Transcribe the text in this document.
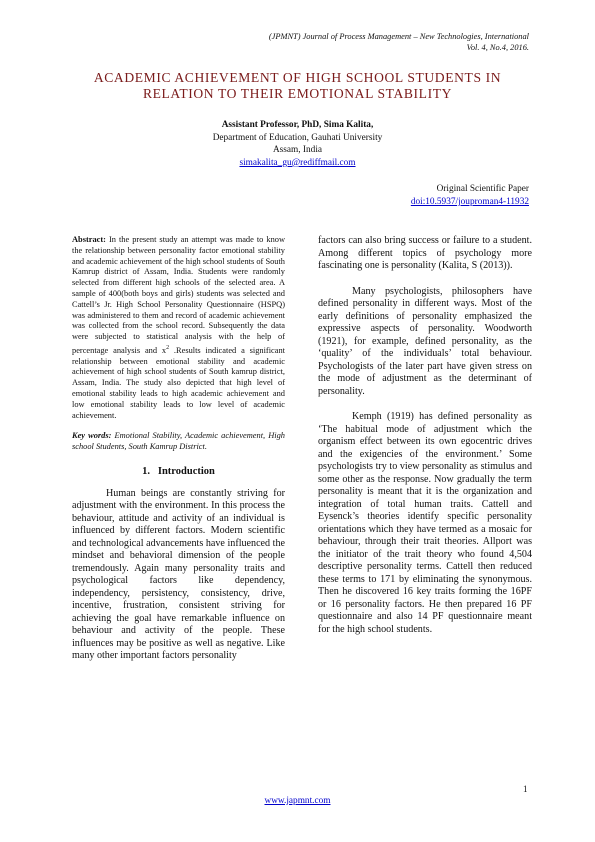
(JPMNT) Journal of Process Management – New Technologies, International
Vol. 4, No.4, 2016.
ACADEMIC ACHIEVEMENT OF HIGH SCHOOL STUDENTS IN
RELATION TO THEIR EMOTIONAL STABILITY
Assistant Professor, PhD, Sima Kalita,
Department of Education, Gauhati University
Assam, India
simakalita_gu@rediffmail.com
Original Scientific Paper
doi:10.5937/jouproman4-11932

Abstract: In the present study an attempt was made to know the relationship between personality factor emotional stability and academic achievement of the high school students of South Kamrup district of Assam, India. Students were randomly selected from different high schools of the selected area. A sample of 400(both boys and girls) students was selected and Cattell’s Jr. High School Personality Questionnaire (HSPQ) was administered to them and record of academic achievement was collected from the school record. Subsequently the data were subjected to statistical analysis with the help of percentage analysis and $x^2$ .Results indicated a significant relationship between emotional stability and academic achievement of high school students of South kamrup district, Assam, India. The study also depicted that high level of emotional stability leads to high academic achievement and low emotional stability leads to low level of academic achievement.

Key words: Emotional Stability, Academic achievement, High school Students, South Kamrup District.

1.   Introduction

Human beings are constantly striving for adjustment with the environment. In this process the behaviour, attitude and activity of an individual is influenced by different factors. Modern scientific and technological advancements have influenced the mindset and behavioral dimension of the people tremendously. Again many personality traits and psychological factors like dependency, independency, persistency, consistency, drive, incentive, frustration, consistent striving for achieving the goal have remarkable influence on behaviour and activity of the people. These influences may be positive as well as negative. Like many other important factors personality

factors can also bring success or failure to a student. Among different topics of psychology more fascinating one is personality (Kalita, S (2013)).

Many psychologists, philosophers have defined personality in different ways. Most of the early definitions of personality emphasized the expressive aspects of personality. Woodworth (1921), for example, defined personality, as the ‘quality’ of the individuals’ total behaviour. Psychologists of the later part have given stress on the mode of adjustment as the determinant of personality.

Kemph (1919) has defined personality as ‘The habitual mode of adjustment which the organism effect between its own egocentric drives and the exigencies of the environment.’ Some psychologists try to view personality as stimulus and some other as the response. Now gradually the term personality is meant that it is the organization and integration of total human traits. Cattell and Eysenck’s theories identify specific personality orientations which they have termed as a mosaic for behaviour, through their trait theories. Allport was the initiator of the trait theory who found 4,504 descriptive personality terms. Cattell then reduced these terms to 171 by eliminating the synonymous. Then he discovered 16 key traits forming the 16PF or 16 personality factors. He then prepared 16 PF questionnaire and also 14 PF questionnaire meant for the high school students.

1
www.japmnt.com
